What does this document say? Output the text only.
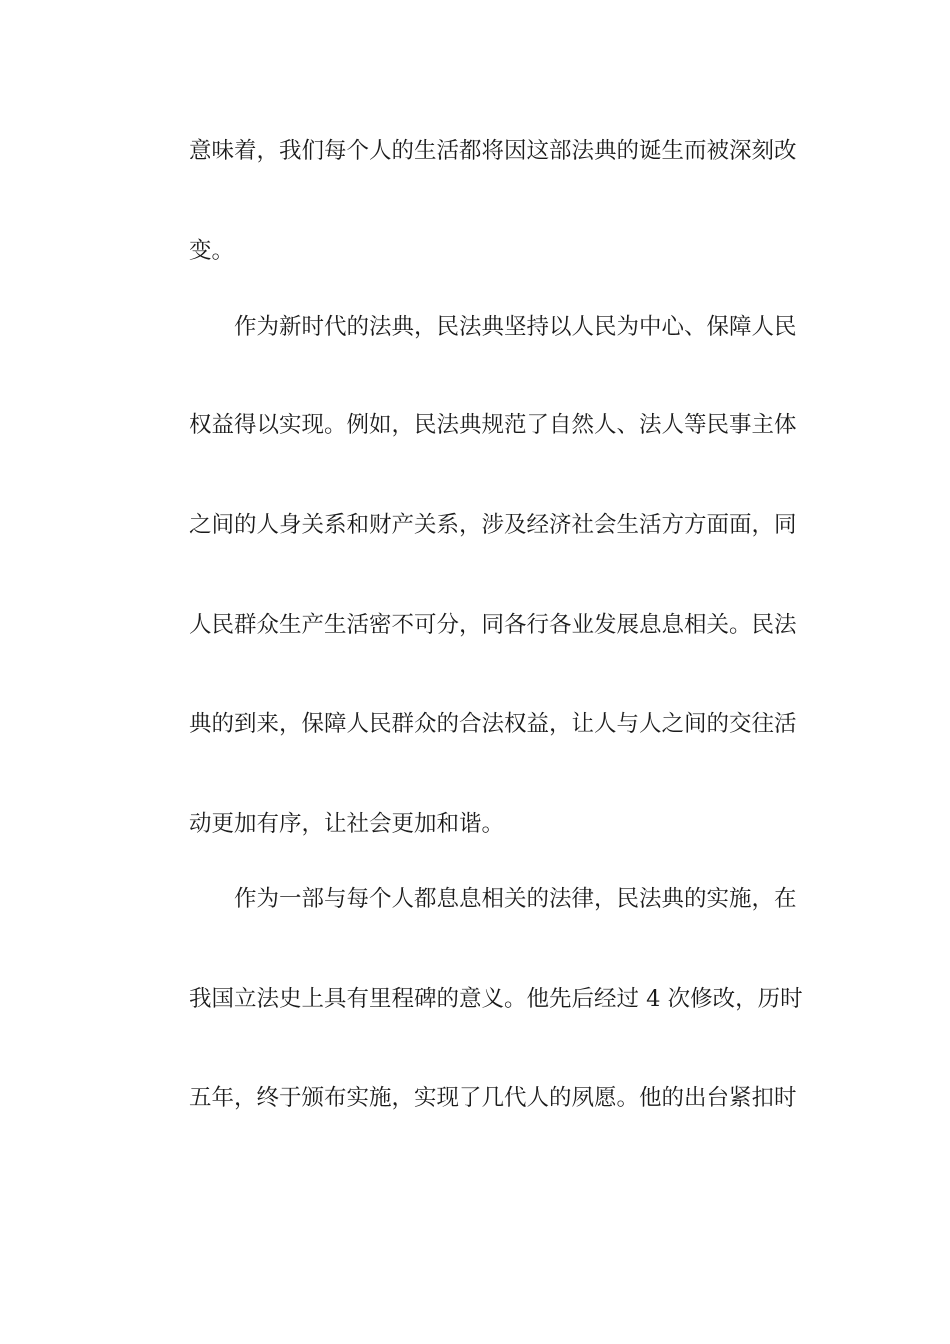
意味着，我们每个人的生活都将因这部法典的诞生而被深刻改
变。
作为新时代的法典，民法典坚持以人民为中心、保障人民
权益得以实现。例如，民法典规范了自然人、法人等民事主体
之间的人身关系和财产关系，涉及经济社会生活方方面面，同
人民群众生产生活密不可分，同各行各业发展息息相关。民法
典的到来，保障人民群众的合法权益，让人与人之间的交往活
动更加有序，让社会更加和谐。
作为一部与每个人都息息相关的法律，民法典的实施，在
我国立法史上具有里程碑的意义。他先后经过 4 次修改，历时
五年，终于颁布实施，实现了几代人的夙愿。他的出台紧扣时
